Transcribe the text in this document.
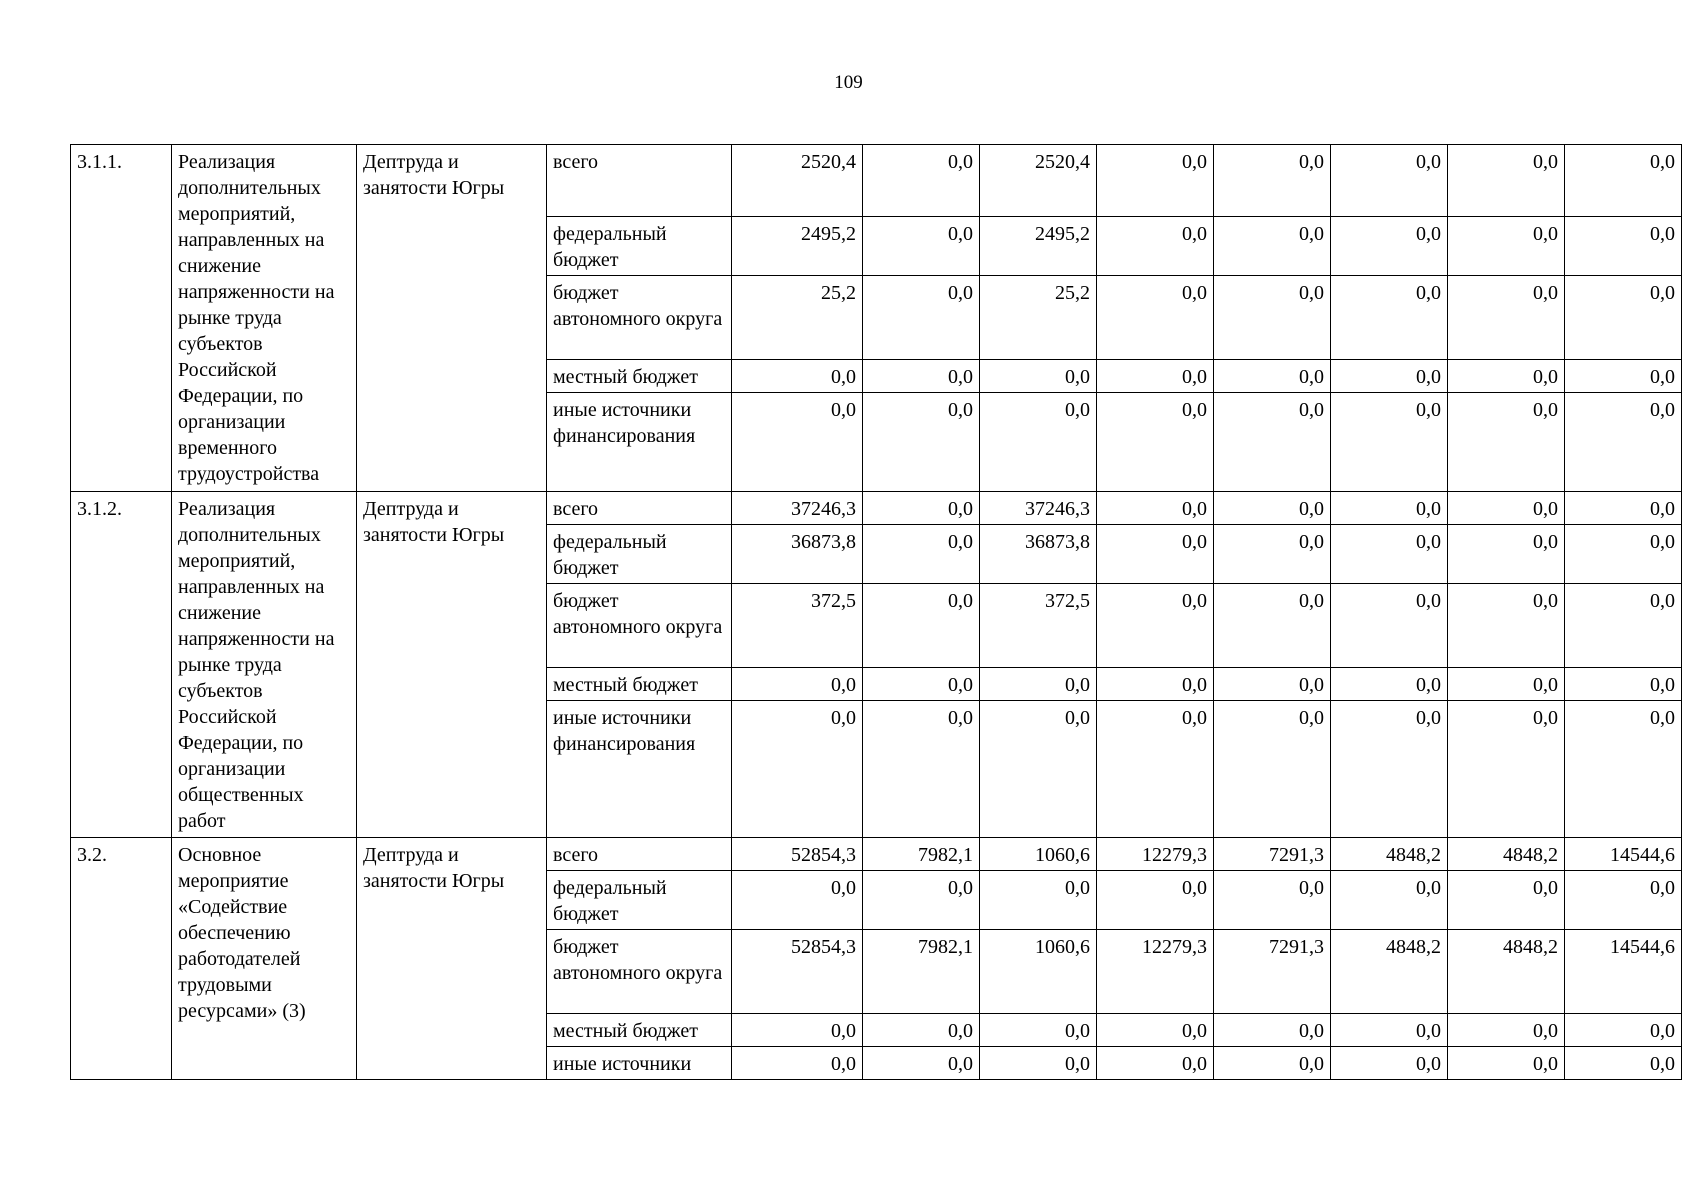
109
3.1.1.	Реализация дополнительных мероприятий, направленных на снижение напряженности на рынке труда субъектов Российской Федерации, по организации временного трудоустройства	Дептруда и занятости Югры	всего	2520,4	0,0	2520,4	0,0	0,0	0,0	0,0	0,0
			федеральный бюджет	2495,2	0,0	2495,2	0,0	0,0	0,0	0,0	0,0
			бюджет автономного округа	25,2	0,0	25,2	0,0	0,0	0,0	0,0	0,0
			местный бюджет	0,0	0,0	0,0	0,0	0,0	0,0	0,0	0,0
			иные источники финансирования	0,0	0,0	0,0	0,0	0,0	0,0	0,0	0,0
3.1.2.	Реализация дополнительных мероприятий, направленных на снижение напряженности на рынке труда субъектов Российской Федерации, по организации общественных работ	Дептруда и занятости Югры	всего	37246,3	0,0	37246,3	0,0	0,0	0,0	0,0	0,0
			федеральный бюджет	36873,8	0,0	36873,8	0,0	0,0	0,0	0,0	0,0
			бюджет автономного округа	372,5	0,0	372,5	0,0	0,0	0,0	0,0	0,0
			местный бюджет	0,0	0,0	0,0	0,0	0,0	0,0	0,0	0,0
			иные источники финансирования	0,0	0,0	0,0	0,0	0,0	0,0	0,0	0,0
3.2.	Основное мероприятие «Содействие обеспечению работодателей трудовыми ресурсами» (3)	Дептруда и занятости Югры	всего	52854,3	7982,1	1060,6	12279,3	7291,3	4848,2	4848,2	14544,6
			федеральный бюджет	0,0	0,0	0,0	0,0	0,0	0,0	0,0	0,0
			бюджет автономного округа	52854,3	7982,1	1060,6	12279,3	7291,3	4848,2	4848,2	14544,6
			местный бюджет	0,0	0,0	0,0	0,0	0,0	0,0	0,0	0,0
			иные источники	0,0	0,0	0,0	0,0	0,0	0,0	0,0	0,0
